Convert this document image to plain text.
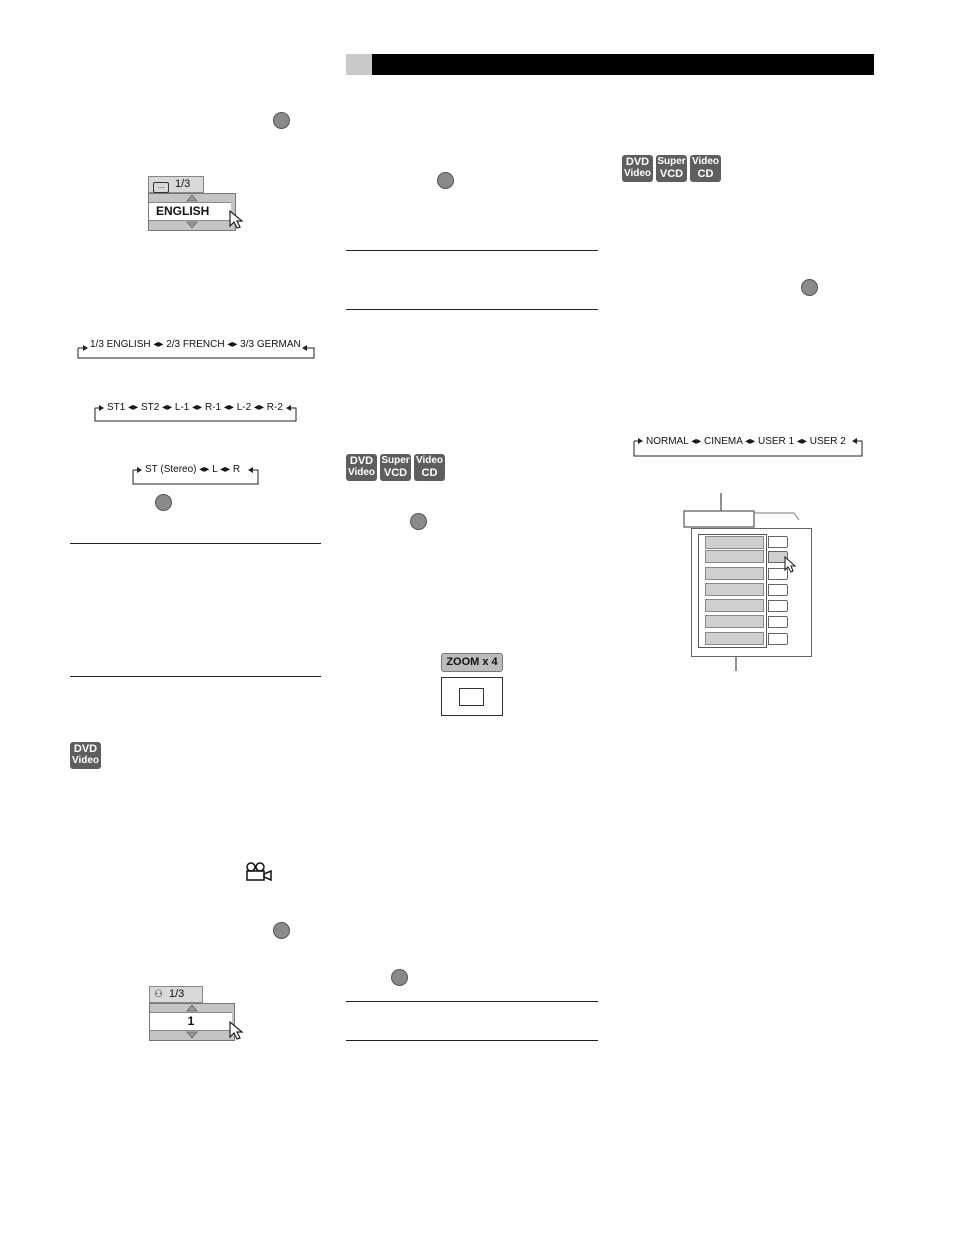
... 1/3
ENGLISH
1/3 ENGLISH ◂▸ 2/3 FRENCH ◂▸ 3/3 GERMAN
ST1 ◂▸ ST2 ◂▸ L-1 ◂▸ R-1 ◂▸ L-2 ◂▸ R-2
ST (Stereo) ◂▸ L ◂▸ R
DVD
Video
⚇ 1/3
1
DVD
Video
Super
VCD
Video
CD
ZOOM x 4
DVD
Video
Super
VCD
Video
CD
NORMAL ◂▸ CINEMA ◂▸ USER 1 ◂▸ USER 2
